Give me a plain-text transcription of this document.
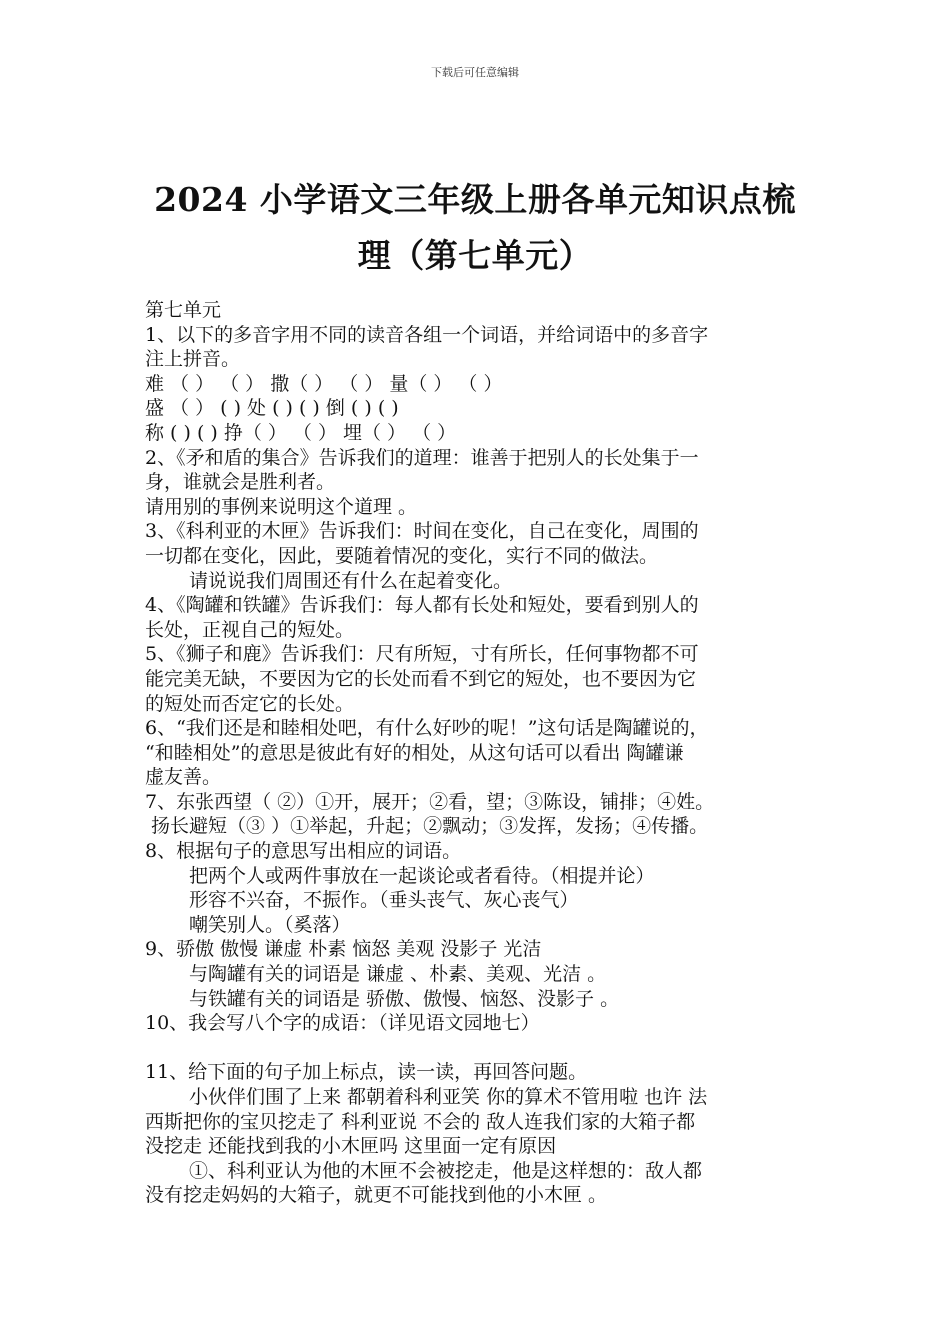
下载后可任意编辑
2024 小学语文三年级上册各单元知识点梳
理（第七单元）
第七单元
1、以下的多音字用不同的读音各组一个词语，并给词语中的多音字
注上拼音。
难 （ ） （ ） 撒（ ） （ ） 量（ ） （ ）
盛 （ ） ( ) 处 ( ) ( ) 倒 ( ) ( )
称 ( ) ( ) 挣（ ） （ ） 埋（ ） （ ）
2、《矛和盾的集合》告诉我们的道理：谁善于把别人的长处集于一
身，谁就会是胜利者。
请用别的事例来说明这个道理 。
3、《科利亚的木匣》告诉我们：时间在变化，自己在变化，周围的
一切都在变化，因此，要随着情况的变化，实行不同的做法。
请说说我们周围还有什么在起着变化。
4、《陶罐和铁罐》告诉我们：每人都有长处和短处，要看到别人的
长处，正视自己的短处。
5、《狮子和鹿》告诉我们：尺有所短，寸有所长，任何事物都不可
能完美无缺，不要因为它的长处而看不到它的短处，也不要因为它
的短处而否定它的长处。
6、“我们还是和睦相处吧，有什么好吵的呢！”这句话是陶罐说的，
“和睦相处”的意思是彼此有好的相处，从这句话可以看出 陶罐谦
虚友善。
7、东张西望（ ②）①开，展开；②看，望；③陈设，铺排；④姓。
扬长避短（③ ）①举起，升起；②飘动；③发挥，发扬；④传播。
8、根据句子的意思写出相应的词语。
把两个人或两件事放在一起谈论或者看待。（相提并论）
形容不兴奋，不振作。（垂头丧气、灰心丧气）
嘲笑别人。（奚落）
9、骄傲 傲慢 谦虚 朴素 恼怒 美观 没影子 光洁
与陶罐有关的词语是 谦虚 、朴素、美观、光洁 。
与铁罐有关的词语是 骄傲、傲慢、恼怒、没影子 。
10、我会写八个字的成语：（详见语文园地七）
11、给下面的句子加上标点，读一读，再回答问题。
小伙伴们围了上来 都朝着科利亚笑 你的算术不管用啦 也许 法
西斯把你的宝贝挖走了 科利亚说 不会的 敌人连我们家的大箱子都
没挖走 还能找到我的小木匣吗 这里面一定有原因
①、科利亚认为他的木匣不会被挖走，他是这样想的：敌人都
没有挖走妈妈的大箱子，就更不可能找到他的小木匣 。
